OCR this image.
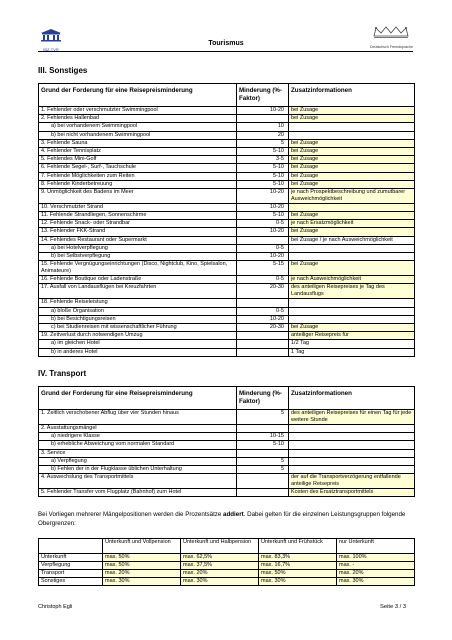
IBZ-TVR
Tourismus	Deutschsch Fremdsprache
III. Sonstiges
Grund der Forderung für eine Reisepreisminderung	Minderung (%-Faktor)	Zusatzinformationen
1. Fehlender oder verschmutzter Swimmingpool	10-20	bei Zusage
2. Fehlendes Hallenbad		bei Zusage
a) bei vorhandenem Swimmingpool	10	
b) bei nicht vorhandenem Swimmingpool	20	
3. Fehlende Sauna	5	bei Zusage
4. Fehlender Tennisplatz	5-10	bei Zusage
5. Fehlendes Mini-Golf	3-5	bei Zusage
6. Fehlende Segel-, Surf-, Tauchschule	5-10	bei Zusage
7. Fehlende Möglichkeiten zum Reiten	5-10	bei Zusage
8. Fehlende Kinderbetreuung	5-10	bei Zusage
9. Unmöglichkeit des Badens im Meer	10-20	je nach Prospektbeschreibung und zumutbarer Ausweichmöglichkeit
10. Verschmutzter Strand	10-20	
11. Fehlende Strandliegen, Sonnenschirme	5-10	bei Zusage
12. Fehlende Snack- oder Strandbar	0-5	je nach Ersatzmöglichkeit
13. Fehlender FKK-Strand	10-20	bei Zusage
14. Fehlendes Restaurant oder Supermarkt		bei Zusage / je nach Ausweichmöglichkeit
a) bei Hotelverpflegung	0-5	
b) bei Selbstverpflegung	10-20	
15. Fehlende Vergnügungseinrichtungen (Disco, Nightclub, Kino, Spielsalon, Animateure)	5-15	bei Zusage
16. Fehlende Boutique oder Ladenstraße	0-5	je nach Ausweichmöglichkeit
17. Ausfall von Landausflügen bei Kreuzfahrten	20-30	des anteiligen Reisepreises je Tag des Landausflugs
18. Fehlende Reiseleistung		
a) bloße Organisation	0-5	
b) bei Besichtigungsreisen	10-20	
c) bei Studienreisen mit wissenschaftlicher Führung	20-30	bei Zusage
19. Zeitverlust durch notwendigen Umzug		anteiliger Reisepreis für
a) im gleichen Hotel		1/2 Tag
b) in anderes Hotel		1 Tag
IV. Transport
Grund der Forderung für eine Reisepreisminderung	Minderung (%-Faktor)	Zusatzinformationen
1. Zeitlich verschobener Abflug über vier Stunden hinaus	5	des anteiligen Reisepreises für einen Tag für jede weitere Stunde
2. Ausstattungsmängel		
a) niedrigere Klasse	10-15	
b) erhebliche Abweichung vom normalen Standard	5-10	
3. Service		
a) Verpflegung	5	
b) Fehlen der in der Flugklasse üblichen Unterhaltung	5	
4. Auswechslung des Transportmittels		der auf die Transportverzögerung entfallende anteilige Reisepreis
5. Fehlender Transfer vom Flugplatz (Bahnhof) zum Hotel		Kosten des Ersatztransportmittels
Bei Vorliegen mehrerer Mängelpositionen werden die Prozentsätze addiert. Dabei gelten für die einzelnen Leistungsgruppen folgende Obergrenzen:
	Unterkunft und Vollpension	Unterkunft und Halbpension	Unterkunft und Frühstück	nur Unterkunft
Unterkunft	max. 50%	max. 62,5%	max. 83,3%	max. 100%
Verpflegung	max. 50%	max. 37,5%	max. 16,7%	max. -
Transport	max. 20%	max. 20%	max. 50%	max. 20%
Sonstiges	max. 30%	max. 30%	max. 30%	max. 30%
Christoph Egli	Seite 3 / 3
